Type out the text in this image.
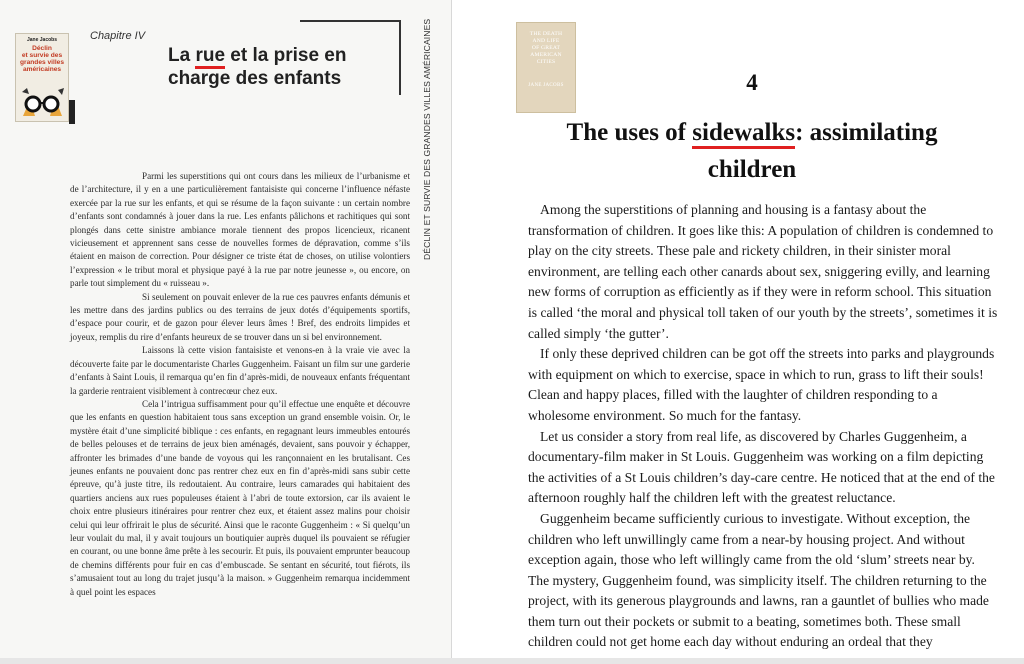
Jane Jacobs
Déclin
et survie des
grandes villes
américaines
Chapitre IV
La rue et la prise en
charge des enfants

Parmi les superstitions qui ont cours dans les milieux de l’urbanisme et de l’architecture, il y en a une particulièrement fantaisiste qui concerne l’influence néfaste exercée par la rue sur les enfants, et qui se résume de la façon suivante : un certain nombre d’enfants sont condamnés à jouer dans la rue. Les enfants pâlichons et rachitiques qui sont plongés dans cette sinistre ambiance morale tiennent des propos licencieux, ricanent vicieusement et apprennent sans cesse de nouvelles formes de dépravation, comme s’ils étaient en maison de correction. Pour désigner ce triste état de choses, on utilise volontiers l’expression « le tribut moral et physique payé à la rue par notre jeunesse », ou encore, on parle tout simplement du « ruisseau ».

Si seulement on pouvait enlever de la rue ces pauvres enfants démunis et les mettre dans des jardins publics ou des terrains de jeux dotés d’équipements sportifs, d’espace pour courir, et de gazon pour élever leurs âmes ! Bref, des endroits limpides et joyeux, remplis du rire d’enfants heureux de se trouver dans un si bel environnement.

Laissons là cette vision fantaisiste et venons-en à la vraie vie avec la découverte faite par le documentariste Charles Guggenheim. Faisant un film sur une garderie d’enfants à Saint Louis, il remarqua qu’en fin d’après-midi, de nouveaux enfants fréquentant la garderie rentraient visiblement à contrecœur chez eux.

Cela l’intrigua suffisamment pour qu’il effectue une enquête et découvre que les enfants en question habitaient tous sans exception un grand ensemble voisin. Or, le mystère était d’une simplicité biblique : ces enfants, en regagnant leurs immeubles entourés de belles pelouses et de terrains de jeux bien aménagés, devaient, sans pouvoir y échapper, affronter les brimades d’une bande de voyous qui les rançonnaient en les brutalisant. Ces jeunes enfants ne pouvaient donc pas rentrer chez eux en fin d’après-midi sans subir cette épreuve, qu’à juste titre, ils redoutaient. Au contraire, leurs camarades qui habitaient des quartiers anciens aux rues populeuses étaient à l’abri de toute extorsion, car ils avaient le choix entre plusieurs itinéraires pour rentrer chez eux, et étaient assez malins pour choisir celui qui leur offrirait le plus de sécurité. Ainsi que le raconte Guggenheim : « Si quelqu’un leur voulait du mal, il y avait toujours un boutiquier auprès duquel ils pouvaient se réfugier en courant, ou une bonne âme prête à les secourir. Et puis, ils pouvaient emprunter beaucoup de chemins différents pour fuir en cas d’embuscade. Se sentant en sécurité, tout fiérots, ils s’amusaient tout au long du trajet jusqu’à la maison. » Guggenheim remarqua incidemment à quel point les espaces

DÉCLIN ET SURVIE DES GRANDES VILLES AMÉRICAINES	THE DEATH
AND LIFE
OF GREAT
AMERICAN
CITIES
JANE JACOBS	4
The uses of sidewalks: assimilating
children

Among the superstitions of planning and housing is a fantasy about the transformation of children. It goes like this: A population of children is condemned to play on the city streets. These pale and rickety children, in their sinister moral environment, are telling each other canards about sex, sniggering evilly, and learning new forms of corruption as efficiently as if they were in reform school. This situation is called ‘the moral and physical toll taken of our youth by the streets’, sometimes it is called simply ‘the gutter’.

If only these deprived children can be got off the streets into parks and playgrounds with equipment on which to exercise, space in which to run, grass to lift their souls! Clean and happy places, filled with the laughter of children responding to a wholesome environment. So much for the fantasy.

Let us consider a story from real life, as discovered by Charles Guggenheim, a documentary-film maker in St Louis. Guggenheim was working on a film depicting the activities of a St Louis children’s day-care centre. He noticed that at the end of the afternoon roughly half the children left with the greatest reluctance.

Guggenheim became sufficiently curious to investigate. Without exception, the children who left unwillingly came from a near-by housing project. And without exception again, those who left willingly came from the old ‘slum’ streets near by. The mystery, Guggenheim found, was simplicity itself. The children returning to the project, with its generous playgrounds and lawns, ran a gauntlet of bullies who made them turn out their pockets or submit to a beating, sometimes both. These small children could not get home each day without enduring an ordeal that they
